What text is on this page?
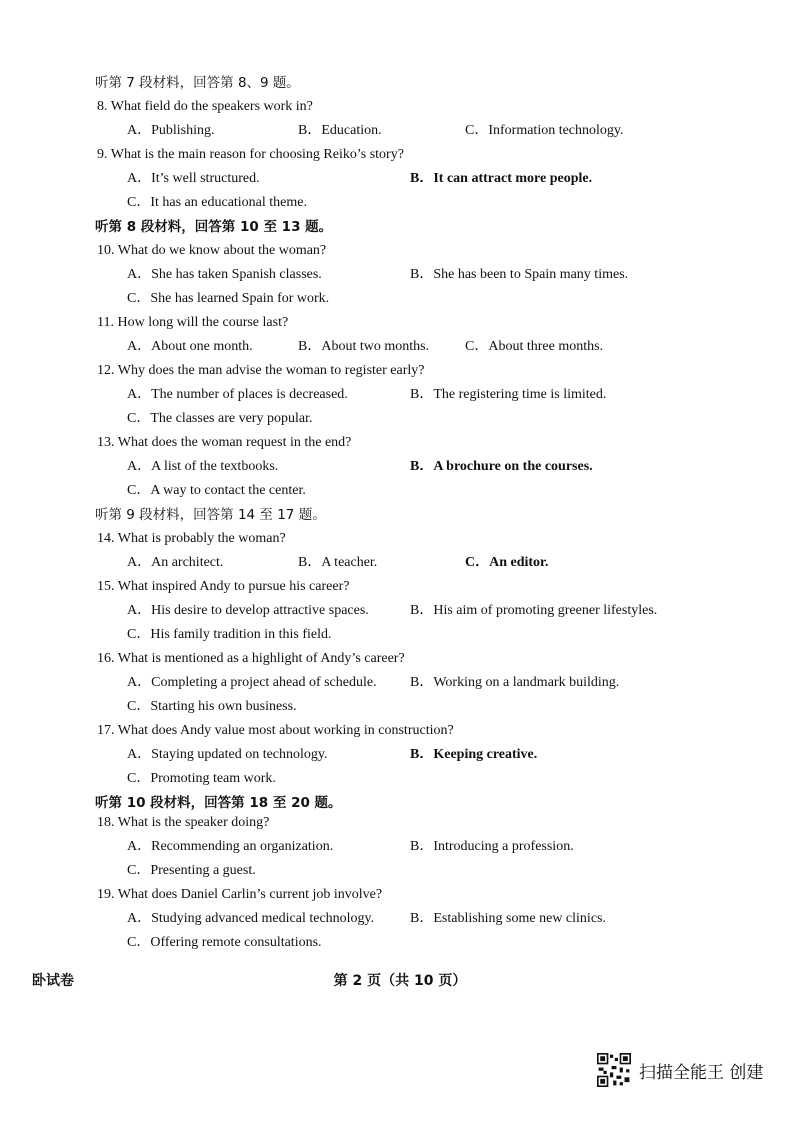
听第 7 段材料，回答第 8、9 题。
8. What field do the speakers work in?
A．Publishing.	B．Education.	C．Information technology.
9. What is the main reason for choosing Reiko’s story?
A．It’s well structured.	B．It can attract more people.
C．It has an educational theme.
听第 8 段材料，回答第 10 至 13 题。
10. What do we know about the woman?
A．She has taken Spanish classes.	B．She has been to Spain many times.
C．She has learned Spain for work.
11. How long will the course last?
A．About one month.	B．About two months.	C．About three months.
12. Why does the man advise the woman to register early?
A．The number of places is decreased.	B．The registering time is limited.
C．The classes are very popular.
13. What does the woman request in the end?
A．A list of the textbooks.	B．A brochure on the courses.
C．A way to contact the center.
听第 9 段材料，回答第 14 至 17 题。
14. What is probably the woman?
A．An architect.	B．A teacher.	C．An editor.
15. What inspired Andy to pursue his career?
A．His desire to develop attractive spaces.	B．His aim of promoting greener lifestyles.
C．His family tradition in this field.
16. What is mentioned as a highlight of Andy’s career?
A．Completing a project ahead of schedule. B．Working on a landmark building.
C．Starting his own business.
17. What does Andy value most about working in construction?
A．Staying updated on technology.	B．Keeping creative.
C．Promoting team work.
听第 10 段材料，回答第 18 至 20 题。
18. What is the speaker doing?
A．Recommending an organization.	B．Introducing a profession.
C．Presenting a guest.
19. What does Daniel Carlin’s current job involve?
A．Studying advanced medical technology.	B．Establishing some new clinics.
C．Offering remote consultations.
卧试卷	第 2 页（共 10 页）
扫描全能王 创建
